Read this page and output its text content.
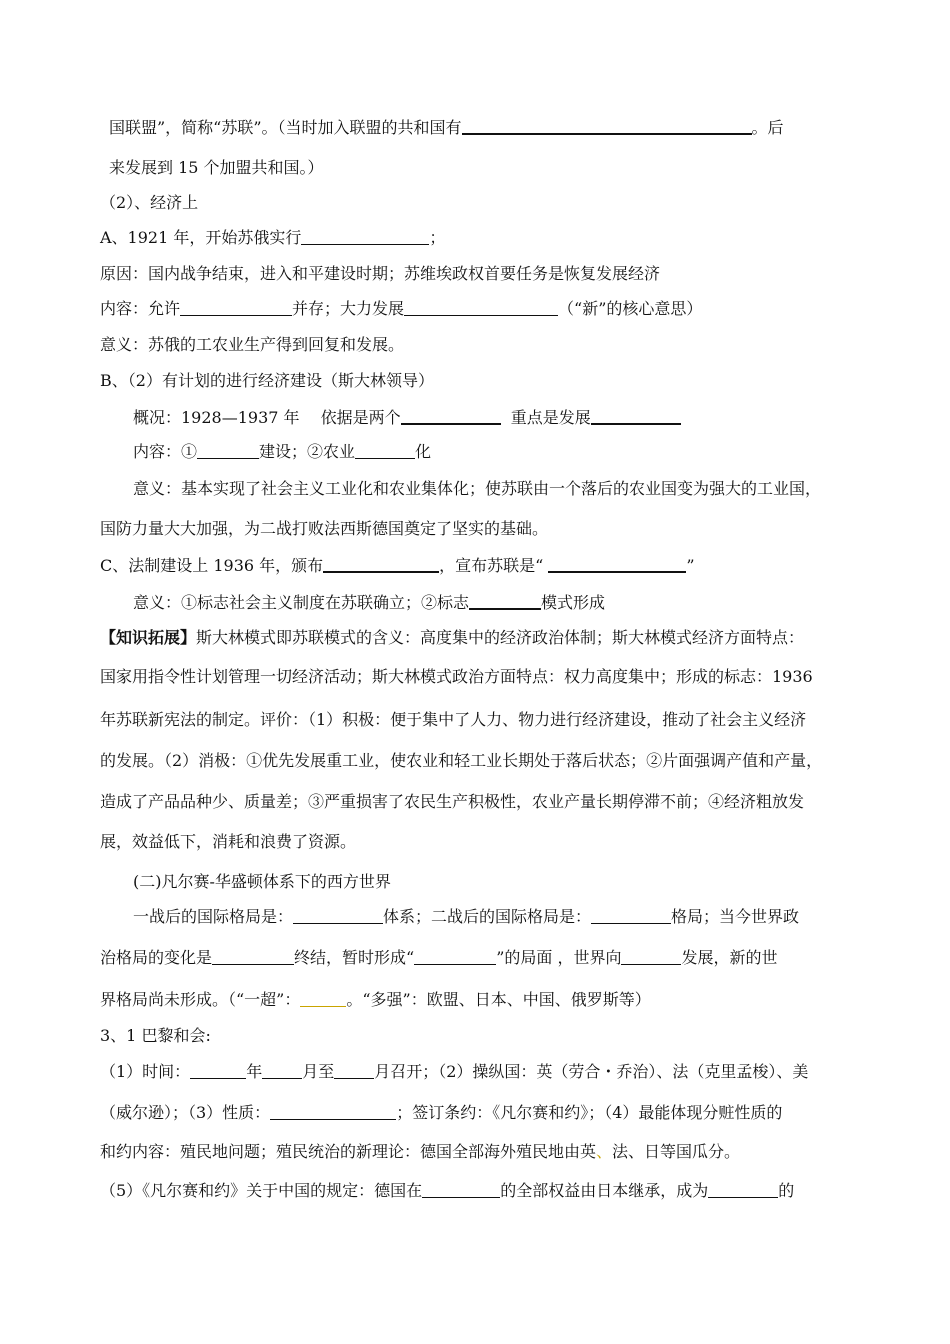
国联盟”，简称“苏联”。（当时加入联盟的共和国有	。后
来发展到 15 个加盟共和国。）
（2）、经济上
A、1921 年，开始苏俄实行	；
原因：国内战争结束，进入和平建设时期；苏维埃政权首要任务是恢复发展经济
内容：允许	并存；大力发展	（“新”的核心意思）
意义：苏俄的工农业生产得到回复和发展。
B、（2）有计划的进行经济建设（斯大林领导）
概况：1928—1937 年　 依据是两个	重点是发展
内容：①	建设；②农业	化
意义：基本实现了社会主义工业化和农业集体化；使苏联由一个落后的农业国变为强大的工业国，
国防力量大大加强，为二战打败法西斯德国奠定了坚实的基础。
C、法制建设上 1936 年，颁布	，宣布苏联是“	”
意义：①标志社会主义制度在苏联确立；②标志	模式形成
【知识拓展】斯大林模式即苏联模式的含义：高度集中的经济政治体制；斯大林模式经济方面特点：
国家用指令性计划管理一切经济活动；斯大林模式政治方面特点：权力高度集中；形成的标志：1936
年苏联新宪法的制定。评价：（1）积极：便于集中了人力、物力进行经济建设，推动了社会主义经济
的发展。（2）消极：①优先发展重工业，使农业和轻工业长期处于落后状态；②片面强调产值和产量，
造成了产品品种少、质量差；③严重损害了农民生产积极性，农业产量长期停滞不前；④经济粗放发
展，效益低下，消耗和浪费了资源。
(二)凡尔赛-华盛顿体系下的西方世界
一战后的国际格局是：	体系；二战后的国际格局是：	格局；当今世界政
治格局的变化是	终结，暂时形成“	”的局面 ，世界向	发展，新的世
界格局尚未形成。（“一超”：	。“多强”：欧盟、日本、中国、俄罗斯等）
3、1 巴黎和会:
（1）时间：	年	月至	月召开；（2）操纵国：英（劳合・乔治）、法（克里孟梭）、美
（威尔逊）；（3）性质：	；签订条约：《凡尔赛和约》；（4）最能体现分赃性质的
和约内容：殖民地问题；殖民统治的新理论：德国全部海外殖民地由英、法、日等国瓜分。
（5）《凡尔赛和约》关于中国的规定：德国在	的全部权益由日本继承，成为	的
